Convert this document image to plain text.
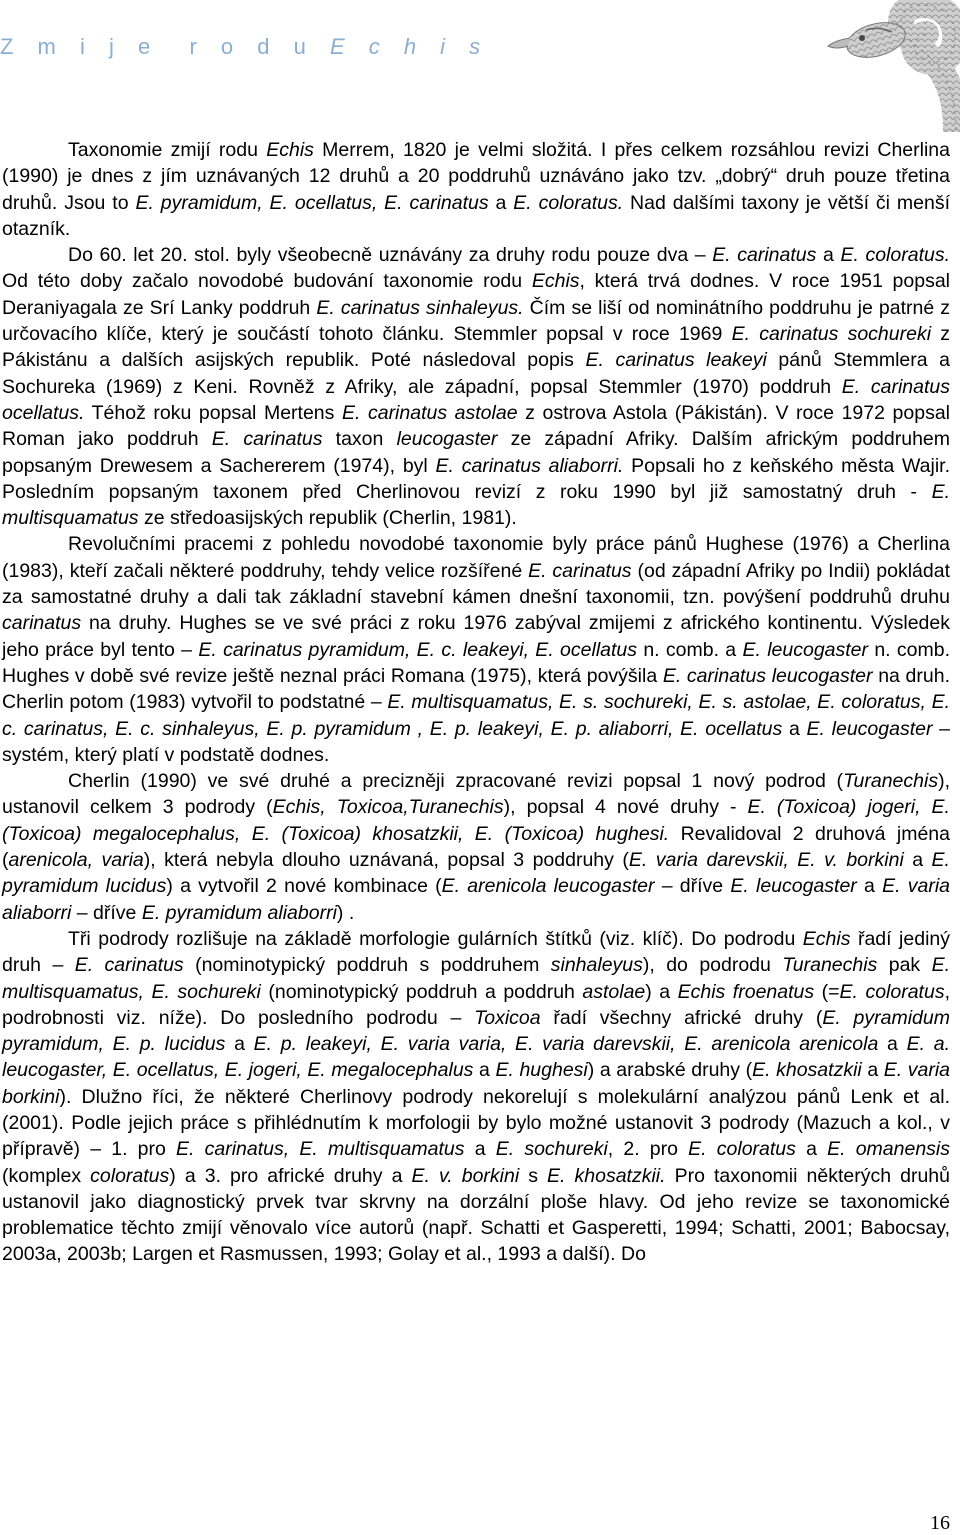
Z m i j e  r o d u E c h i s

Taxonomie zmijí rodu Echis Merrem, 1820 je velmi složitá. I přes celkem rozsáhlou revizi Cherlina (1990) je dnes z jím uznávaných 12 druhů a 20 poddruhů uznáváno jako tzv. „dobrý“ druh pouze třetina druhů. Jsou to E. pyramidum, E. ocellatus, E. carinatus a E. coloratus. Nad dalšími taxony je větší či menší otazník.

Do 60. let 20. stol. byly všeobecně uznávány za druhy rodu pouze dva – E. carinatus a E. coloratus. Od této doby začalo novodobé budování taxonomie rodu Echis, která trvá dodnes. V roce 1951 popsal Deraniyagala ze Srí Lanky poddruh E. carinatus sinhaleyus. Čím se liší od nominátního poddruhu je patrné z určovacího klíče, který je součástí tohoto článku. Stemmler popsal v roce 1969 E. carinatus sochureki z Pákistánu a dalších asijských republik. Poté následoval popis E. carinatus leakeyi pánů Stemmlera a Sochureka (1969) z Keni. Rovněž z Afriky, ale západní, popsal Stemmler (1970) poddruh E. carinatus ocellatus. Téhož roku popsal Mertens E. carinatus astolae z ostrova Astola (Pákistán). V roce 1972 popsal Roman jako poddruh E. carinatus taxon leucogaster ze západní Afriky. Dalším africkým poddruhem popsaným Drewesem a Sachererem (1974), byl E. carinatus aliaborri. Popsali ho z keňského města Wajir. Posledním popsaným taxonem před Cherlinovou revizí z roku 1990 byl již samostatný druh - E. multisquamatus ze středoasijských republik (Cherlin, 1981).

Revolučními pracemi z pohledu novodobé taxonomie byly práce pánů Hughese (1976) a Cherlina (1983), kteří začali některé poddruhy, tehdy velice rozšířené E. carinatus (od západní Afriky po Indii) pokládat za samostatné druhy a dali tak základní stavební kámen dnešní taxonomii, tzn. povýšení poddruhů druhu carinatus na druhy. Hughes se ve své práci z roku 1976 zabýval zmijemi z afrického kontinentu. Výsledek jeho práce byl tento – E. carinatus pyramidum, E. c. leakeyi, E. ocellatus n. comb. a E. leucogaster n. comb. Hughes v době své revize ještě neznal práci Romana (1975), která povýšila E. carinatus leucogaster na druh. Cherlin potom (1983) vytvořil to podstatné – E. multisquamatus, E. s. sochureki, E. s. astolae, E. coloratus, E. c. carinatus, E. c. sinhaleyus, E. p. pyramidum , E. p. leakeyi, E. p. aliaborri, E. ocellatus a E. leucogaster – systém, který platí v podstatě dodnes.

Cherlin (1990) ve své druhé a precizněji zpracované revizi popsal 1 nový podrod (Turanechis), ustanovil celkem 3 podrody (Echis, Toxicoa,Turanechis), popsal 4 nové druhy - E. (Toxicoa) jogeri, E. (Toxicoa) megalocephalus, E. (Toxicoa) khosatzkii, E. (Toxicoa) hughesi. Revalidoval 2 druhová jména (arenicola, varia), která nebyla dlouho uznávaná, popsal 3 poddruhy (E. varia darevskii, E. v. borkini a E. pyramidum lucidus) a vytvořil 2 nové kombinace (E. arenicola leucogaster – dříve E. leucogaster a E. varia aliaborri – dříve E. pyramidum aliaborri) .

Tři podrody rozlišuje na základě morfologie gulárních štítků (viz. klíč). Do podrodu Echis řadí jediný druh – E. carinatus (nominotypický poddruh s poddruhem sinhaleyus), do podrodu Turanechis pak E. multisquamatus, E. sochureki (nominotypický poddruh a poddruh astolae) a Echis froenatus (=E. coloratus, podrobnosti viz. níže). Do posledního podrodu – Toxicoa řadí všechny africké druhy (E. pyramidum pyramidum, E. p. lucidus a E. p. leakeyi, E. varia varia, E. varia darevskii, E. arenicola arenicola a E. a. leucogaster, E. ocellatus, E. jogeri, E. megalocephalus a E. hughesi) a arabské druhy (E. khosatzkii a E. varia borkini). Dlužno říci, že některé Cherlinovy podrody nekorelují s molekulární analýzou pánů Lenk et al. (2001). Podle jejich práce s přihlédnutím k morfologii by bylo možné ustanovit 3 podrody (Mazuch a kol., v přípravě) – 1. pro E. carinatus, E. multisquamatus a E. sochureki, 2. pro E. coloratus a E. omanensis (komplex coloratus) a 3. pro africké druhy a E. v. borkini s E. khosatzkii. Pro taxonomii některých druhů ustanovil jako diagnostický prvek tvar skrvny na dorzální ploše hlavy. Od jeho revize se taxonomické problematice těchto zmijí věnovalo více autorů (např. Schatti et Gasperetti, 1994; Schatti, 2001; Babocsay, 2003a, 2003b; Largen et Rasmussen, 1993; Golay et al., 1993 a další). Do

16
